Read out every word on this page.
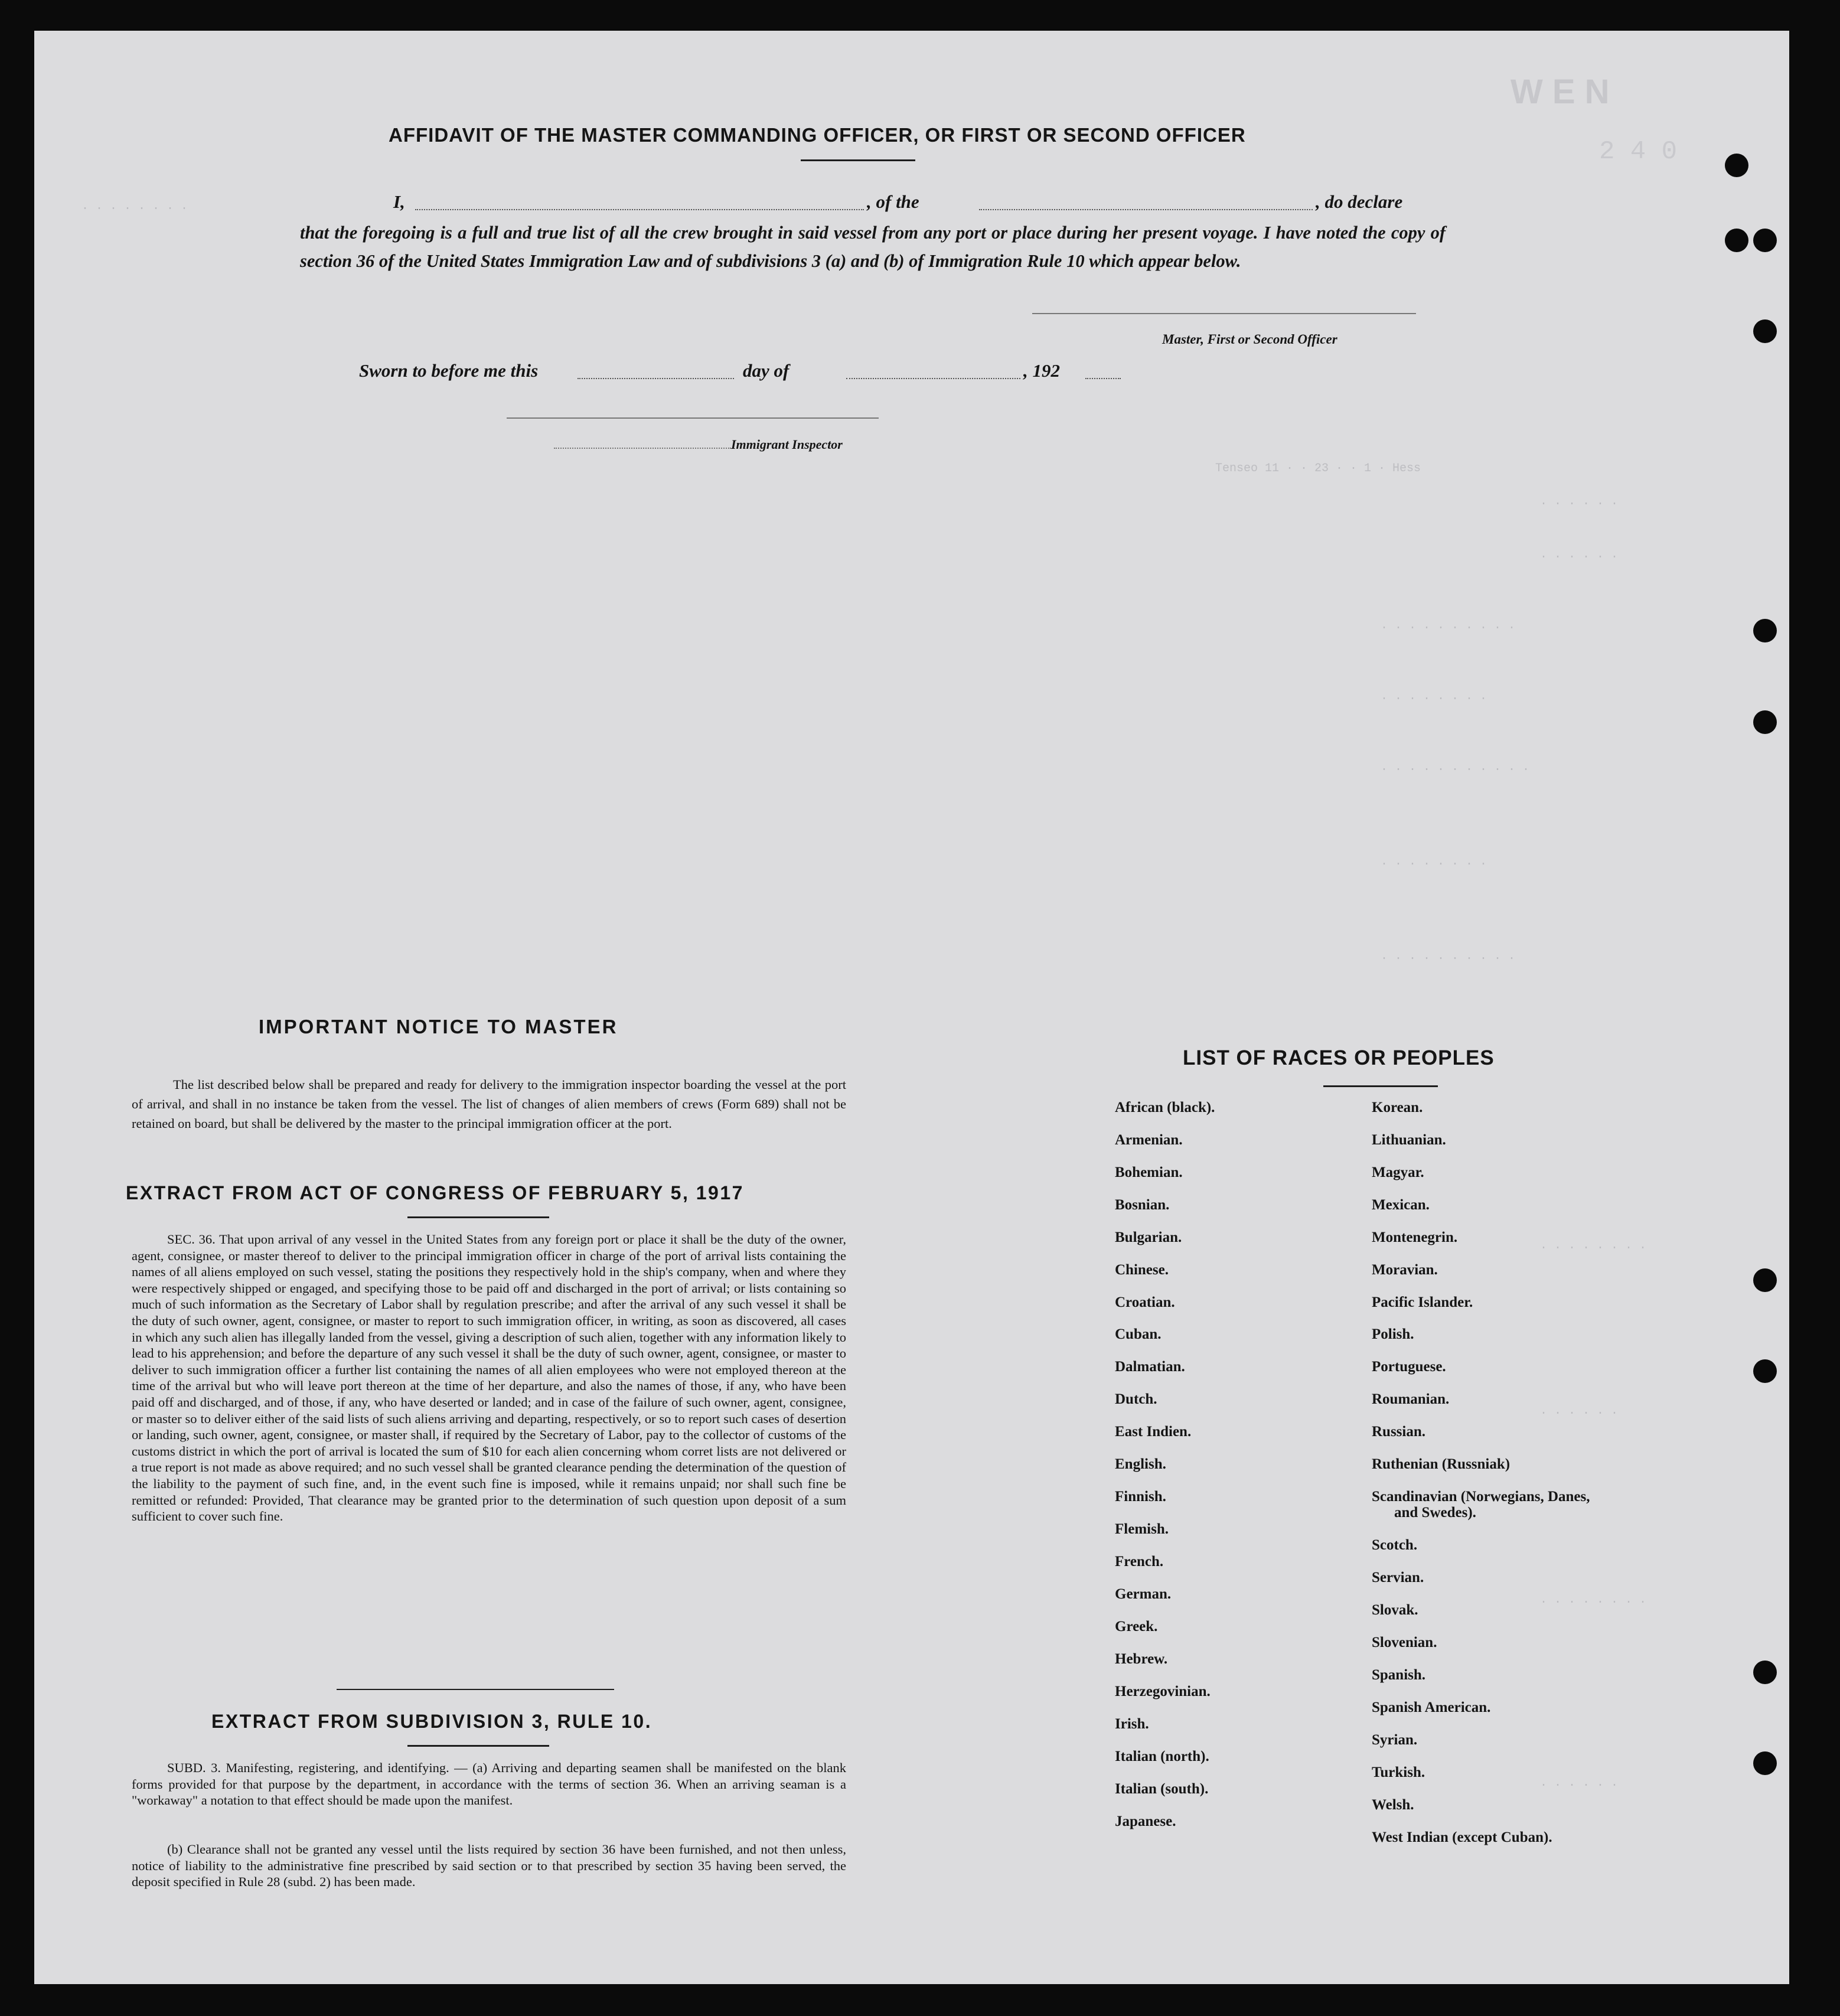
W E N
2 4 0
· · · · · · · ·
Tenseo 11 · · 23 · · 1 · Hess
· · · · · ·
· · · · · ·
· · · · · · · · · ·
· · · · · · · ·
· · · · · · · · · · ·
· · · · · · · ·
· · · · · · · · · ·
· · · · · · · ·
· · · · · ·
· · · · · · · ·
· · · · · ·
AFFIDAVIT OF THE MASTER COMMANDING OFFICER, OR FIRST OR SECOND OFFICER
I,	, of the	, do declare
that the foregoing is a full and true list of all the crew brought in said vessel from any port or place during her present voyage. I have noted the copy of section 36 of the United States Immigration Law and of subdivisions 3 (a) and (b) of Immigration Rule 10 which appear below.
Master, First or Second Officer
Sworn to before me this	day of	, 192
Immigrant Inspector
IMPORTANT NOTICE TO MASTER
The list described below shall be prepared and ready for delivery to the immigration inspector boarding the vessel at the port of arrival, and shall in no instance be taken from the vessel. The list of changes of alien members of crews (Form 689) shall not be retained on board, but shall be delivered by the master to the principal immigration officer at the port.
EXTRACT FROM ACT OF CONGRESS OF FEBRUARY 5, 1917
SEC. 36. That upon arrival of any vessel in the United States from any foreign port or place it shall be the duty of the owner, agent, consignee, or master thereof to deliver to the principal immigration officer in charge of the port of arrival lists containing the names of all aliens employed on such vessel, stating the positions they respectively hold in the ship's company, when and where they were respectively shipped or engaged, and specifying those to be paid off and discharged in the port of arrival; or lists containing so much of such information as the Secretary of Labor shall by regulation prescribe; and after the arrival of any such vessel it shall be the duty of such owner, agent, consignee, or master to report to such immigration officer, in writing, as soon as discovered, all cases in which any such alien has illegally landed from the vessel, giving a description of such alien, together with any information likely to lead to his apprehension; and before the departure of any such vessel it shall be the duty of such owner, agent, consignee, or master to deliver to such immigration officer a further list containing the names of all alien employees who were not employed thereon at the time of the arrival but who will leave port thereon at the time of her departure, and also the names of those, if any, who have been paid off and discharged, and of those, if any, who have deserted or landed; and in case of the failure of such owner, agent, consignee, or master so to deliver either of the said lists of such aliens arriving and departing, respectively, or so to report such cases of desertion or landing, such owner, agent, consignee, or master shall, if required by the Secretary of Labor, pay to the collector of customs of the customs district in which the port of arrival is located the sum of $10 for each alien concerning whom corret lists are not delivered or a true report is not made as above required; and no such vessel shall be granted clearance pending the determination of the question of the liability to the payment of such fine, and, in the event such fine is imposed, while it remains unpaid; nor shall such fine be remitted or refunded: Provided, That clearance may be granted prior to the determination of such question upon deposit of a sum sufficient to cover such fine.
EXTRACT FROM SUBDIVISION 3, RULE 10.
SUBD. 3. Manifesting, registering, and identifying. — (a) Arriving and departing seamen shall be manifested on the blank forms provided for that purpose by the department, in accordance with the terms of section 36. When an arriving seaman is a "workaway" a notation to that effect should be made upon the manifest.
(b) Clearance shall not be granted any vessel until the lists required by section 36 have been furnished, and not then unless, notice of liability to the administrative fine prescribed by said section or to that prescribed by section 35 having been served, the deposit specified in Rule 28 (subd. 2) has been made.
LIST OF RACES OR PEOPLES
African (black).
Armenian.
Bohemian.
Bosnian.
Bulgarian.
Chinese.
Croatian.
Cuban.
Dalmatian.
Dutch.
East Indien.
English.
Finnish.
Flemish.
French.
German.
Greek.
Hebrew.
Herzegovinian.
Irish.
Italian (north).
Italian (south).
Japanese.
Korean.
Lithuanian.
Magyar.
Mexican.
Montenegrin.
Moravian.
Pacific Islander.
Polish.
Portuguese.
Roumanian.
Russian.
Ruthenian (Russniak)
Scandinavian (Norwegians, Danes, and Swedes).
Scotch.
Servian.
Slovak.
Slovenian.
Spanish.
Spanish American.
Syrian.
Turkish.
Welsh.
West Indian (except Cuban).
